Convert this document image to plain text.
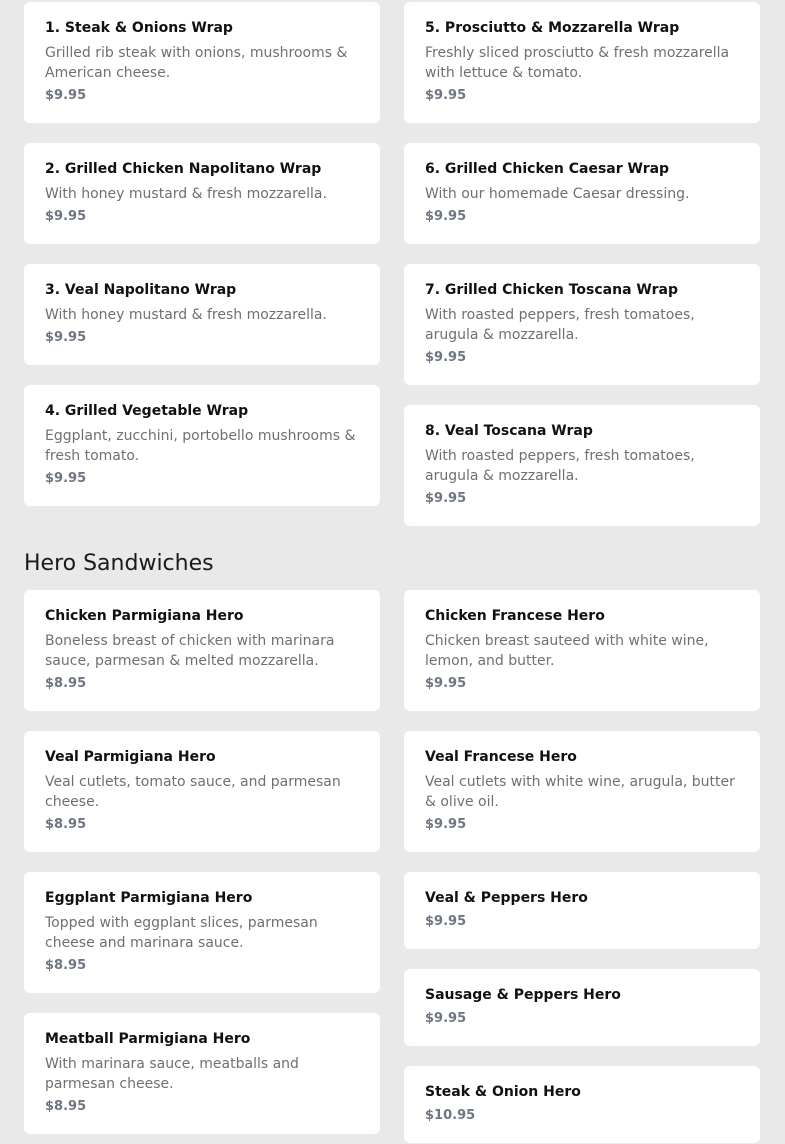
1. Steak & Onions Wrap
Grilled rib steak with onions, mushrooms & American cheese.
$9.95
2. Grilled Chicken Napolitano Wrap
With honey mustard & fresh mozzarella.
$9.95
3. Veal Napolitano Wrap
With honey mustard & fresh mozzarella.
$9.95
4. Grilled Vegetable Wrap
Eggplant, zucchini, portobello mushrooms & fresh tomato.
$9.95
5. Prosciutto & Mozzarella Wrap
Freshly sliced prosciutto & fresh mozzarella with lettuce & tomato.
$9.95
6. Grilled Chicken Caesar Wrap
With our homemade Caesar dressing.
$9.95
7. Grilled Chicken Toscana Wrap
With roasted peppers, fresh tomatoes, arugula & mozzarella.
$9.95
8. Veal Toscana Wrap
With roasted peppers, fresh tomatoes, arugula & mozzarella.
$9.95
Hero Sandwiches
Chicken Parmigiana Hero
Boneless breast of chicken with marinara sauce, parmesan & melted mozzarella.
$8.95
Veal Parmigiana Hero
Veal cutlets, tomato sauce, and parmesan cheese.
$8.95
Eggplant Parmigiana Hero
Topped with eggplant slices, parmesan cheese and marinara sauce.
$8.95
Meatball Parmigiana Hero
With marinara sauce, meatballs and parmesan cheese.
$8.95
Chicken Francese Hero
Chicken breast sauteed with white wine, lemon, and butter.
$9.95
Veal Francese Hero
Veal cutlets with white wine, arugula, butter & olive oil.
$9.95
Veal & Peppers Hero
$9.95
Sausage & Peppers Hero
$9.95
Steak & Onion Hero
$10.95
